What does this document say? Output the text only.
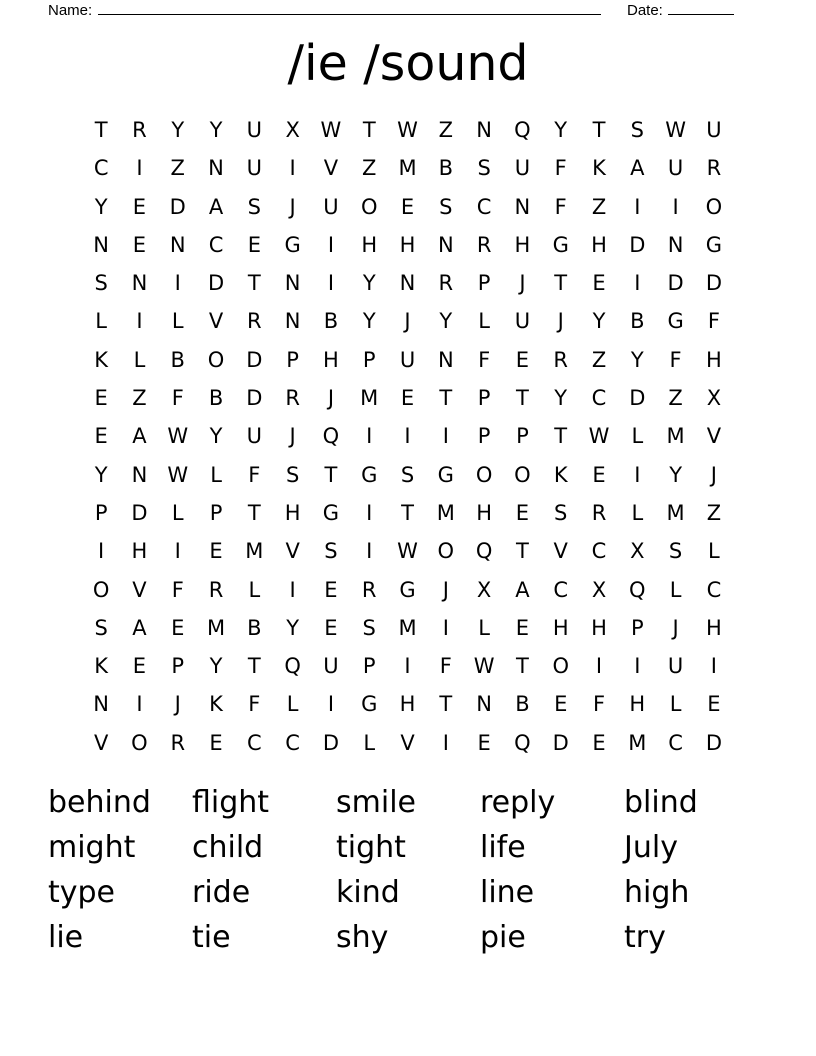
Name:	Date:
/ie /sound
T	R	Y	Y	U	X W	T	W Z	N	Q	Y	T	S	W U
C	I	Z	N	U	I	V	Z	M	B	S	U	F	K	A	U	R
Y	E	D	A	S	J	U	O	E	S	C	N	F	Z	I	I	O
N	E	N	C	E	G	I	H	H	N	R	H	G	H	D	N	G
S	N	I	D	T	N	I	Y	N	R	P	J	T	E	I	D	D
L	I	L	V	R	N	B	Y	J	Y	L	U	J	Y	B	G	F
K	L	B	O	D	P	H	P	U	N	F	E	R	Z	Y	F	H
E	Z	F	B	D	R	J	M	E	T	P	T	Y	C	D	Z	X
E	A W	Y	U	J	Q	I	I	I	P	P	T	W	L	M	V
Y	N W	L	F	S	T	G	S	G	O	O	K	E	I	Y	J
P	D	L	P	T	H	G	I	T	M	H	E	S	R	L	M	Z
I	H	I	E	M	V	S	I	W O	Q	T	V	C	X	S	L
O	V	F	R	L	I	E	R	G	J	X	A	C	X	Q	L	C
S	A	E	M	B	Y	E	S	M	I	L	E	H	H	P	J	H
K	E	P	Y	T	Q	U	P	I	F	W	T	O	I	I	U	I
N	I	J	K	F	L	I	G	H	T	N	B	E	F	H	L	E
V	O	R	E	C	C	D	L	V	I	E	Q	D	E	M	C	D
behind	flight	smile	reply	blind
might	child	tight	life	July
type	ride	kind	line	high
lie	tie	shy	pie	try
